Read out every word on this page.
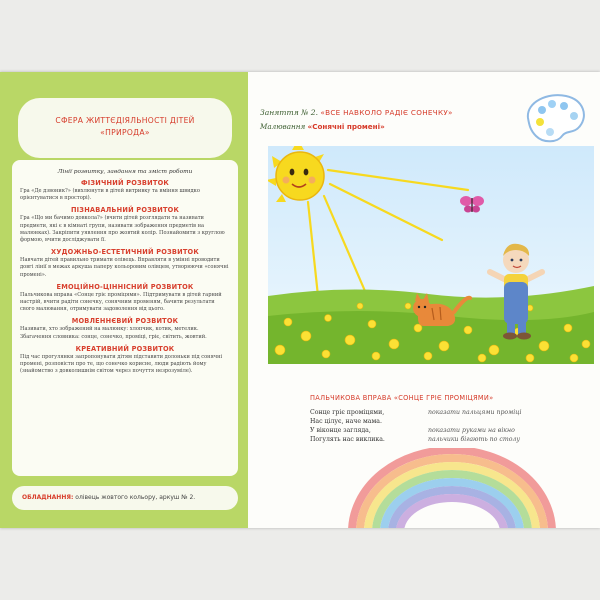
СФЕРА ЖИТТЄДІЯЛЬНОСТІ ДІТЕЙ
«ПРИРОДА»
Лінії розвитку, завдання та зміст роботи
ФІЗИЧНИЙ РОЗВИТОК
Гра «Де дзвоник?» (вихлюнути в дітей витривку та вміння швидко орієнтуватися в просторі).
ПІЗНАВАЛЬНИЙ РОЗВИТОК
Гра «Що ми бачимо довкола?» (вчити дітей розглядати та називати предмети, які є в кімнаті групи, називати зображення предметів на малюнках). Закріпити уявлення про жовтий колір. Познайомити з круглою формою, вчити досліджувати її.
ХУДОЖНЬО-ЕСТЕТИЧНИЙ РОЗВИТОК
Навчати дітей правильно тримати олівець. Вправляти в умінні проводити довгі лінії в межах аркуша паперу кольоровим олівцем, утворюючи «сонячні промені».
ЕМОЦІЙНО-ЦІННІСНИЙ РОЗВИТОК
Пальчикова вправа «Сонце гріє проміцями». Підтримувати в дітей гарний настрій, вчити радіти сонечку, сонячним променям, бачити результати свого малювання, отримувати задоволення від цього.
МОВЛЕННЄВИЙ РОЗВИТОК
Називати, хто зображений на малюнку: хлопчик, котик, метелик. Збагачення словника: сонце, сонечко, проміці, гріє, світить, жовтий.
КРЕАТИВНИЙ РОЗВИТОК
Під час прогулянки запропонувати дітям підставити долоньки під сонячні промені, розповісти про те, що сонечко корисне, люди радіють йому (знайомство з довколишнім світом через почуття незрозуміле).
ОБЛАДНАННЯ: олівець жовтого кольору, аркуш № 2.
Заняття № 2. «ВСЕ НАВКОЛО РАДІЄ СОНЕЧКУ»
Малювання «Сонячні промені»
ПАЛЬЧИКОВА ВПРАВА «СОНЦЕ ГРІЄ ПРОМІЦЯМИ»
Сонце гріє проміцями,	показати пальцями проміці
Нас цілує, наче мама.
У віконце загляда,	показати руками на вікно
Погулять нас виклика.	пальчики бігають по столу
